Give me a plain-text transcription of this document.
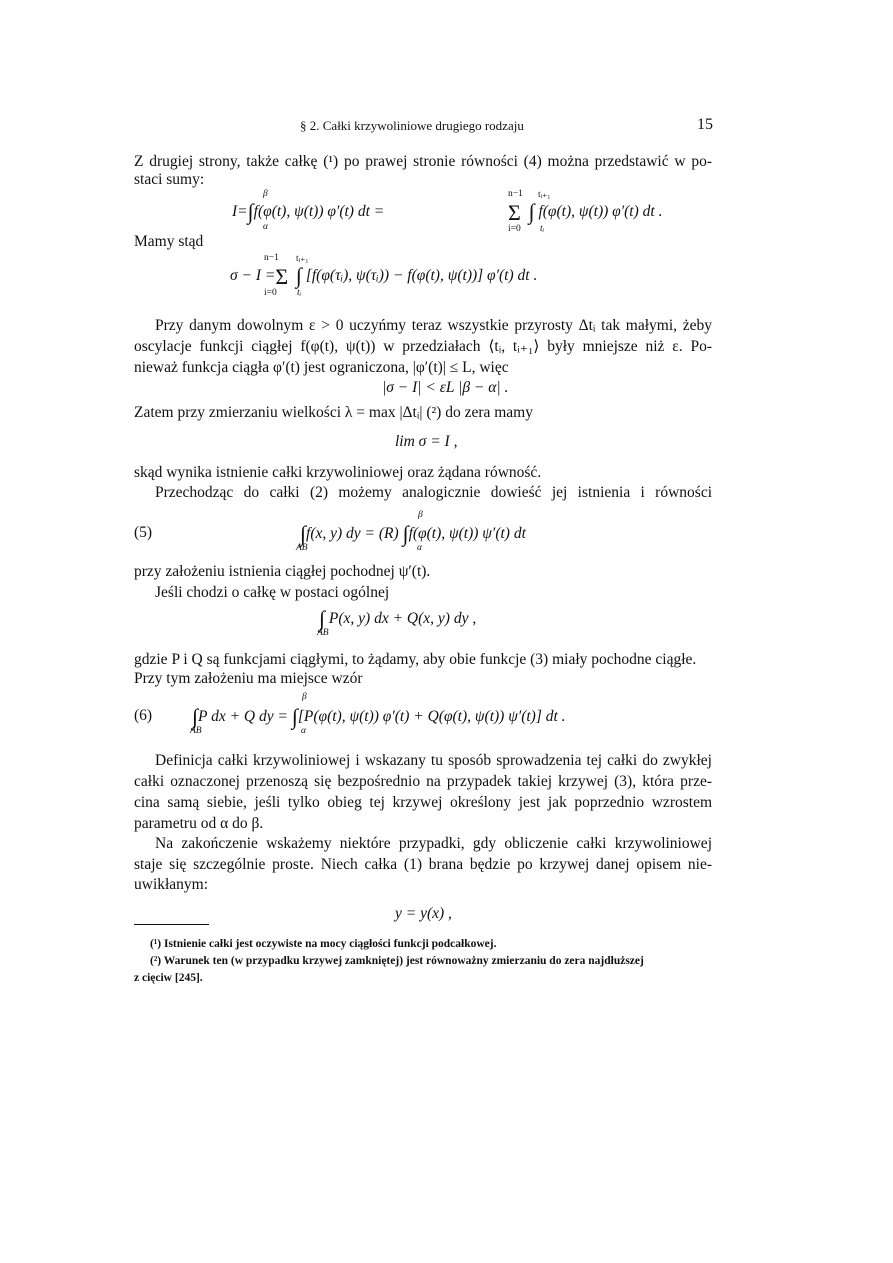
§ 2. Całki krzywoliniowe drugiego rodzaju	15
Z drugiej strony, także całkę (¹) po prawej stronie równości (4) można przedstawić w po-
staci sumy:
β
I=∫f(φ(t), ψ(t)) φ′(t) dt =
α
n−1 tᵢ₊₁
Σ ∫ f(φ(t), ψ(t)) φ′(t) dt .
i=0 tᵢ
Mamy stąd
n−1 tᵢ₊₁
σ − I =Σ ∫ [f(φ(τᵢ), ψ(τᵢ)) − f(φ(t), ψ(t))] φ′(t) dt .
i=0 tᵢ
Przy danym dowolnym ε > 0 uczyńmy teraz wszystkie przyrosty Δtᵢ tak małymi, żeby
oscylacje funkcji ciągłej f(φ(t), ψ(t)) w przedziałach ⟨tᵢ, tᵢ₊₁⟩ były mniejsze niż ε. Po-
nieważ funkcja ciągła φ′(t) jest ograniczona, |φ′(t)| ≤ L, więc
|σ − I| < εL |β − α| .
Zatem przy zmierzaniu wielkości λ = max |Δtᵢ| (²) do zera mamy
lim σ = I ,
skąd wynika istnienie całki krzywoliniowej oraz żądana równość.
Przechodząc do całki (2) możemy analogicznie dowieść jej istnienia i równości
(5)
β
∫f(x, y) dy = (R) ∫f(φ(t), ψ(t)) ψ′(t) dt
AB	α
przy założeniu istnienia ciągłej pochodnej ψ′(t).
Jeśli chodzi o całkę w postaci ogólnej
∫ P(x, y) dx + Q(x, y) dy ,
AB
gdzie P i Q są funkcjami ciągłymi, to żądamy, aby obie funkcje (3) miały pochodne ciągłe.
Przy tym założeniu ma miejsce wzór
(6)
β
∫P dx + Q dy = ∫[P(φ(t), ψ(t)) φ′(t) + Q(φ(t), ψ(t)) ψ′(t)] dt .
AB	α
Definicja całki krzywoliniowej i wskazany tu sposób sprowadzenia tej całki do zwykłej
całki oznaczonej przenoszą się bezpośrednio na przypadek takiej krzywej (3), która prze-
cina samą siebie, jeśli tylko obieg tej krzywej określony jest jak poprzednio wzrostem
parametru od α do β.
Na zakończenie wskażemy niektóre przypadki, gdy obliczenie całki krzywoliniowej
staje się szczególnie proste. Niech całka (1) brana będzie po krzywej danej opisem nie-
uwikłanym:
y = y(x) ,
(¹) Istnienie całki jest oczywiste na mocy ciągłości funkcji podcałkowej.
(²) Warunek ten (w przypadku krzywej zamkniętej) jest równoważny zmierzaniu do zera najdłuższej
z cięciw [245].
